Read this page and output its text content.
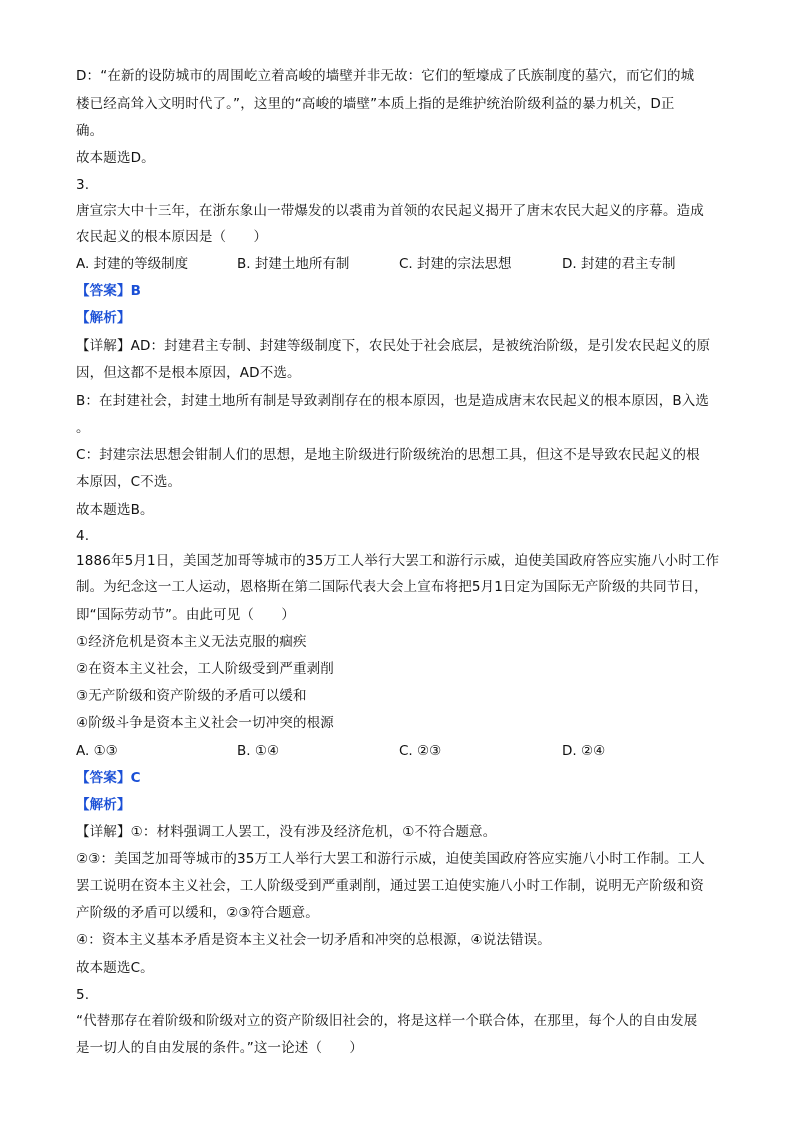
D：“在新的设防城市的周围屹立着高峻的墙壁并非无故：它们的堑壕成了氏族制度的墓穴，而它们的城
楼已经高耸入文明时代了。”，这里的“高峻的墙壁”本质上指的是维护统治阶级利益的暴力机关，D正
确。
故本题选D。
3.
唐宣宗大中十三年，在浙东象山一带爆发的以裘甫为首领的农民起义揭开了唐末农民大起义的序幕。造成
农民起义的根本原因是（　　）
A. 封建的等级制度	B. 封建土地所有制	C. 封建的宗法思想	D. 封建的君主专制
【答案】B
【解析】
【详解】AD：封建君主专制、封建等级制度下，农民处于社会底层，是被统治阶级，是引发农民起义的原
因，但这都不是根本原因，AD不选。
B：在封建社会，封建土地所有制是导致剥削存在的根本原因，也是造成唐末农民起义的根本原因，B入选
。
C：封建宗法思想会钳制人们的思想，是地主阶级进行阶级统治的思想工具，但这不是导致农民起义的根
本原因，C不选。
故本题选B。
4.
1886年5月1日，美国芝加哥等城市的35万工人举行大罢工和游行示威，迫使美国政府答应实施八小时工作
制。为纪念这一工人运动，恩格斯在第二国际代表大会上宣布将把5月1日定为国际无产阶级的共同节日，
即“国际劳动节”。由此可见（　　）
①经济危机是资本主义无法克服的痼疾
②在资本主义社会，工人阶级受到严重剥削
③无产阶级和资产阶级的矛盾可以缓和
④阶级斗争是资本主义社会一切冲突的根源
A. ①③	B. ①④	C. ②③	D. ②④
【答案】C
【解析】
【详解】①：材料强调工人罢工，没有涉及经济危机，①不符合题意。
②③：美国芝加哥等城市的35万工人举行大罢工和游行示威，迫使美国政府答应实施八小时工作制。工人
罢工说明在资本主义社会，工人阶级受到严重剥削，通过罢工迫使实施八小时工作制，说明无产阶级和资
产阶级的矛盾可以缓和，②③符合题意。
④：资本主义基本矛盾是资本主义社会一切矛盾和冲突的总根源，④说法错误。
故本题选C。
5.
“代替那存在着阶级和阶级对立的资产阶级旧社会的，将是这样一个联合体，在那里，每个人的自由发展
是一切人的自由发展的条件。”这一论述（　　）
